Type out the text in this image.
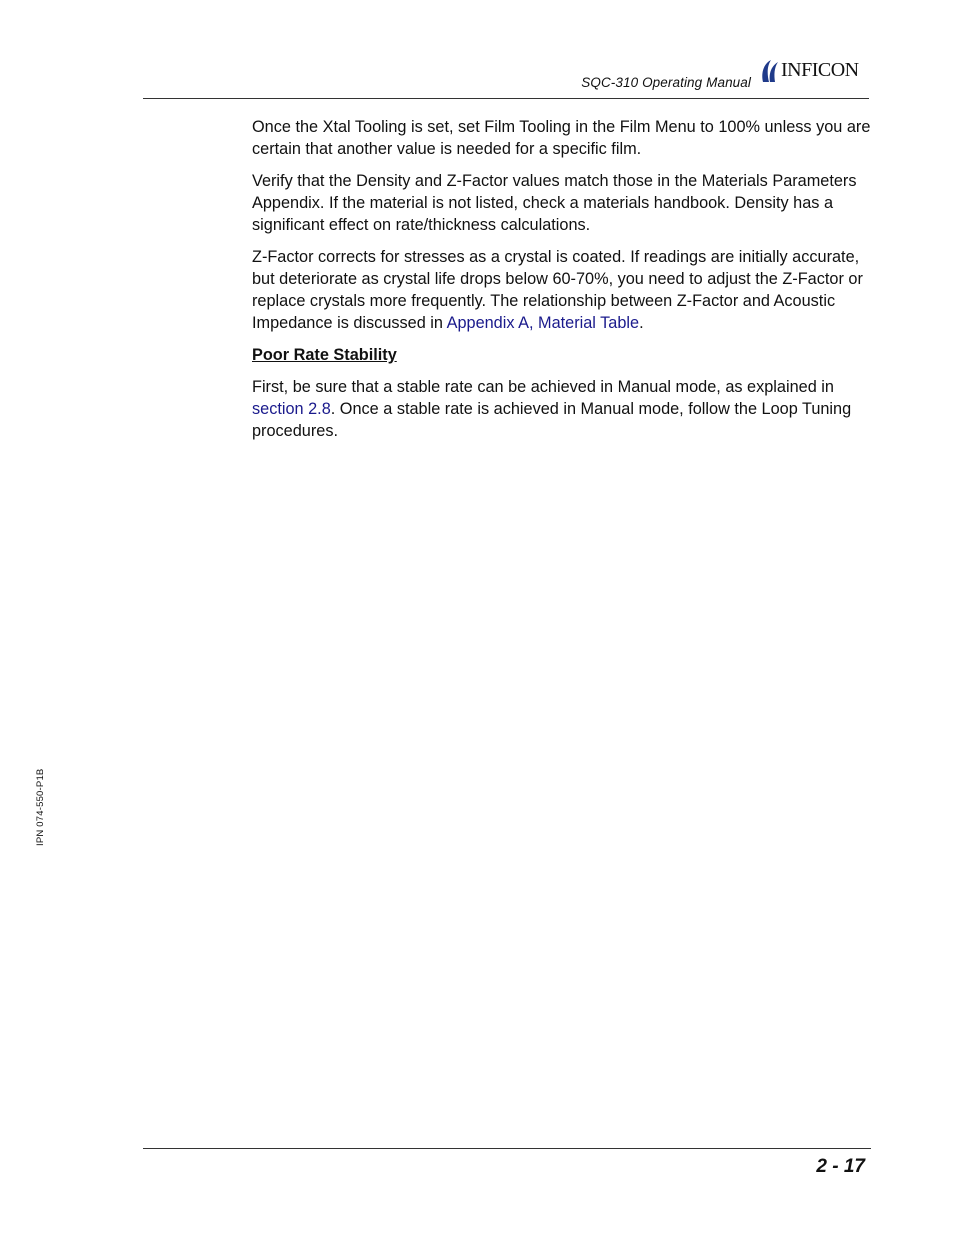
SQC-310 Operating Manual
INFICON

Once the Xtal Tooling is set, set Film Tooling in the Film Menu to 100% unless you are certain that another value is needed for a specific film.

Verify that the Density and Z-Factor values match those in the Materials Parameters Appendix. If the material is not listed, check a materials handbook. Density has a significant effect on rate/thickness calculations.

Z-Factor corrects for stresses as a crystal is coated. If readings are initially accurate, but deteriorate as crystal life drops below 60-70%, you need to adjust the Z-Factor or replace crystals more frequently. The relationship between Z-Factor and Acoustic Impedance is discussed in Appendix A, Material Table.

Poor Rate Stability

First, be sure that a stable rate can be achieved in Manual mode, as explained in section 2.8. Once a stable rate is achieved in Manual mode, follow the Loop Tuning procedures.

IPN 074-550-P1B
2 - 17
